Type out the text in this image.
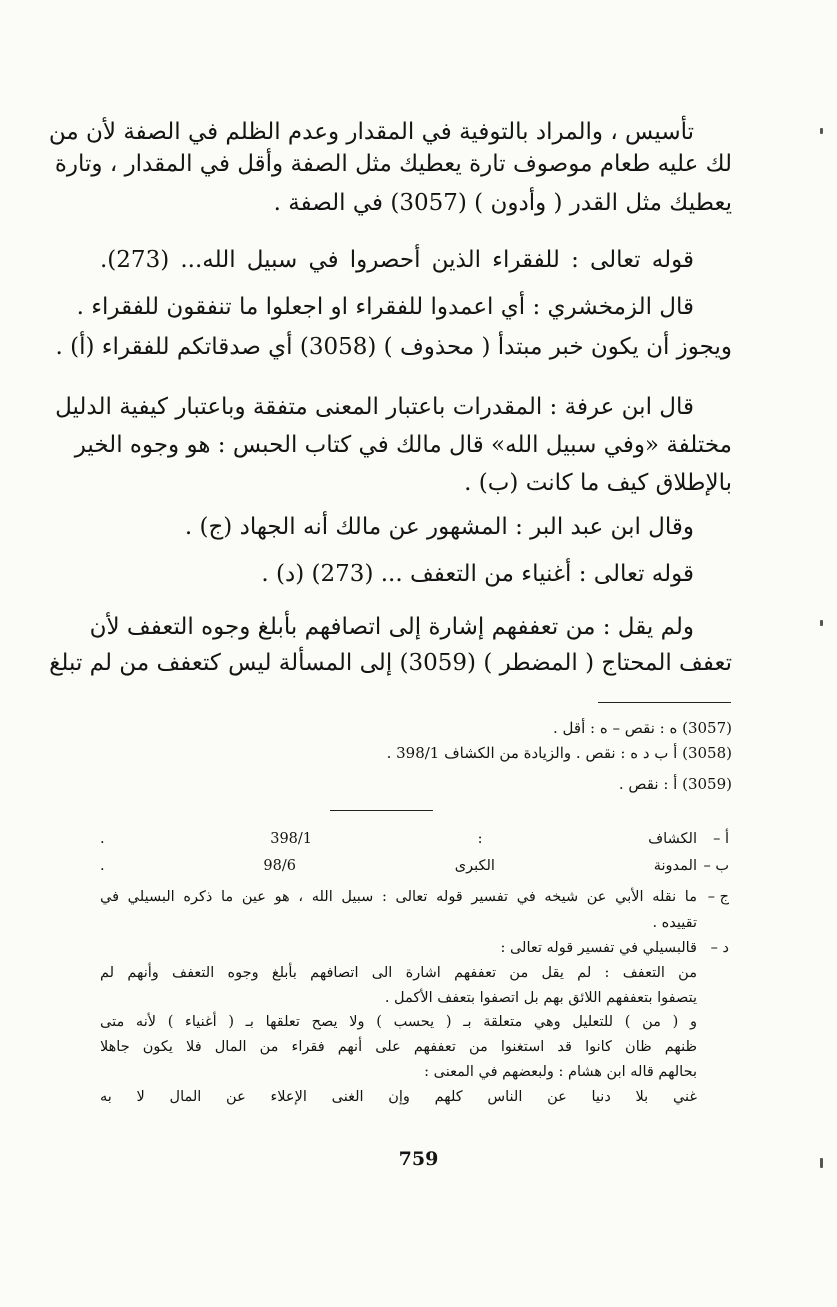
تأسيس ، والمراد بالتوفية في المقدار وعدم الظلم في الصفة لأن من
لك عليه طعام موصوف تارة يعطيك مثل الصفة وأقل في المقدار ، وتارة
يعطيك مثل القدر ( وأدون ) (3057) في الصفة .
قوله تعالى : للفقراء الذين أحصروا في سبيل الله... (273).
قال الزمخشري : أي اعمدوا للفقراء او اجعلوا ما تنفقون للفقراء .
ويجوز أن يكون خبر مبتدأ ( محذوف ) (3058) أي صدقاتكم للفقراء (أ) .
قال ابن عرفة : المقدرات باعتبار المعنى متفقة وباعتبار كيفية الدليل
مختلفة «وفي سبيل الله» قال مالك في كتاب الحبس : هو وجوه الخير
بالإطلاق كيف ما كانت (ب) .
وقال ابن عبد البر : المشهور عن مالك أنه الجهاد (ج) .
قوله تعالى : أغنياء من التعفف ... (273) (د) .
ولم يقل : من تعففهم إشارة إلى اتصافهم بأبلغ وجوه التعفف لأن
تعفف المحتاج ( المضطر ) (3059) إلى المسألة ليس كتعفف من لم تبلغ
(3057) ه : نقص – ه : أقل .
(3058) أ ب د ه : نقص . والزيادة من الكشاف 398/1 .
(3059) أ : نقص .
أ –
الكشاف : 398/1 .
ب –
المدونة الكبرى 98/6 .
ج –
ما نقله الأبي عن شيخه في تفسير قوله تعالى : سبيل الله ، هو عين ما ذكره البسيلي في
تقييده .
د –
قالبسيلي في تفسير قوله تعالى :
من التعفف : لم يقل من تعففهم اشارة الى اتصافهم بأبلغ وجوه التعفف وأنهم لم
يتصفوا بتعففهم اللائق بهم بل اتصفوا بتعفف الأكمل .
و ( من ) للتعليل وهي متعلقة بـ ( يحسب ) ولا يصح تعلقها بـ ( أغنياء ) لأنه متى
ظنهم ظان كانوا قد استغنوا من تعففهم على أنهم فقراء من المال فلا يكون جاهلا
بحالهم قاله ابن هشام : ولبعضهم في المعنى :
غني بلا دنيا عن الناس كلهم وإن الغنى الإعلاء عن المال لا به
759
